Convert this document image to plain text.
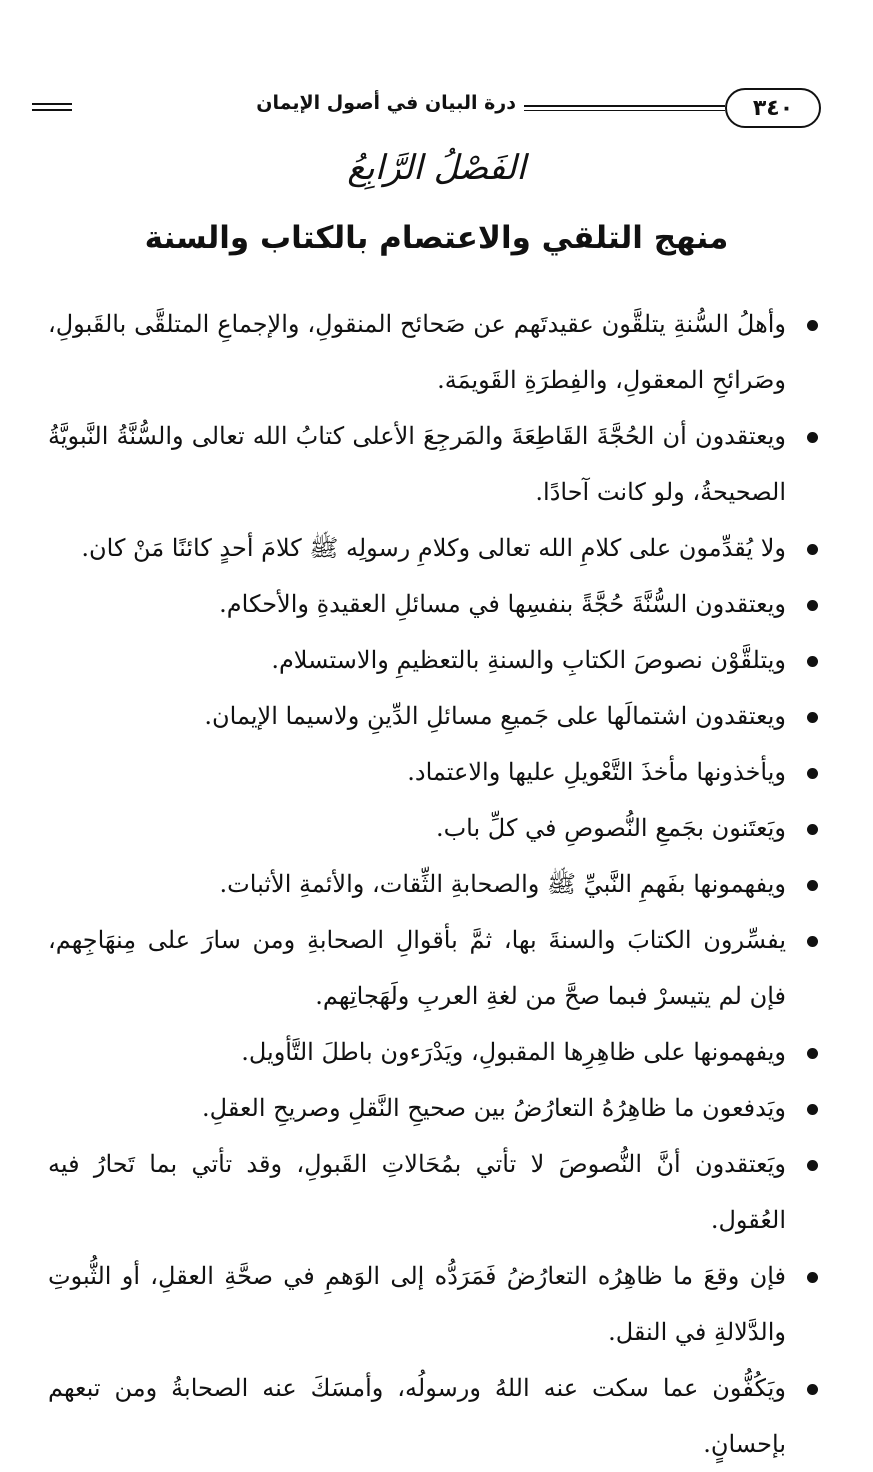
٣٤٠
درة البيان في أصول الإيمان
الفَصْلُ الرَّابِعُ
منهج التلقي والاعتصام بالكتاب والسنة
وأهلُ السُّنةِ يتلقَّون عقيدتَهم عن صَحائح المنقولِ، والإجماعِ المتلقَّى بالقَبولِ، وصَرائحِ المعقولِ، والفِطرَةِ القَويمَة.
ويعتقدون أن الحُجَّةَ القَاطِعَةَ والمَرجِعَ الأعلى كتابُ الله تعالى والسُّنَّةُ النَّبويَّةُ الصحيحةُ، ولو كانت آحادًا.
ولا يُقدِّمون على كلامِ الله تعالى وكلامِ رسولِه ﷺ كلامَ أحدٍ كائنًا مَنْ كان.
ويعتقدون السُّنَّةَ حُجَّةً بنفسِها في مسائلِ العقيدةِ والأحكام.
ويتلقَّوْن نصوصَ الكتابِ والسنةِ بالتعظيمِ والاستسلام.
ويعتقدون اشتمالَها على جَميعِ مسائلِ الدِّينِ ولاسيما الإيمان.
ويأخذونها مأخذَ التَّعْويلِ عليها والاعتماد.
ويَعتَنون بجَمعِ النُّصوصِ في كلِّ باب.
ويفهمونها بفَهمِ النَّبيِّ ﷺ والصحابةِ الثِّقات، والأئمةِ الأثبات.
يفسِّرون الكتابَ والسنةَ بها، ثمَّ بأقوالِ الصحابةِ ومن سارَ على مِنهَاجِهم، فإن لم يتيسرْ فبما صحَّ من لغةِ العربِ ولَهَجاتِهم.
ويفهمونها على ظاهِرِها المقبولِ، ويَدْرَءون باطلَ التَّأويل.
ويَدفعون ما ظاهِرُهُ التعارُضُ بين صحيحِ النَّقلِ وصريحِ العقلِ.
ويَعتقدون أنَّ النُّصوصَ لا تأتي بمُحَالاتِ القَبولِ، وقد تأتي بما تَحارُ فيه العُقول.
فإن وقعَ ما ظاهِرُه التعارُضُ فَمَرَدُّه إلى الوَهمِ في صحَّةِ العقلِ، أو الثُّبوتِ والدَّلالةِ في النقل.
ويَكُفُّون عما سكت عنه اللهُ ورسولُه، وأمسَكَ عنه الصحابةُ ومن تبعهم بإحسانٍ.
